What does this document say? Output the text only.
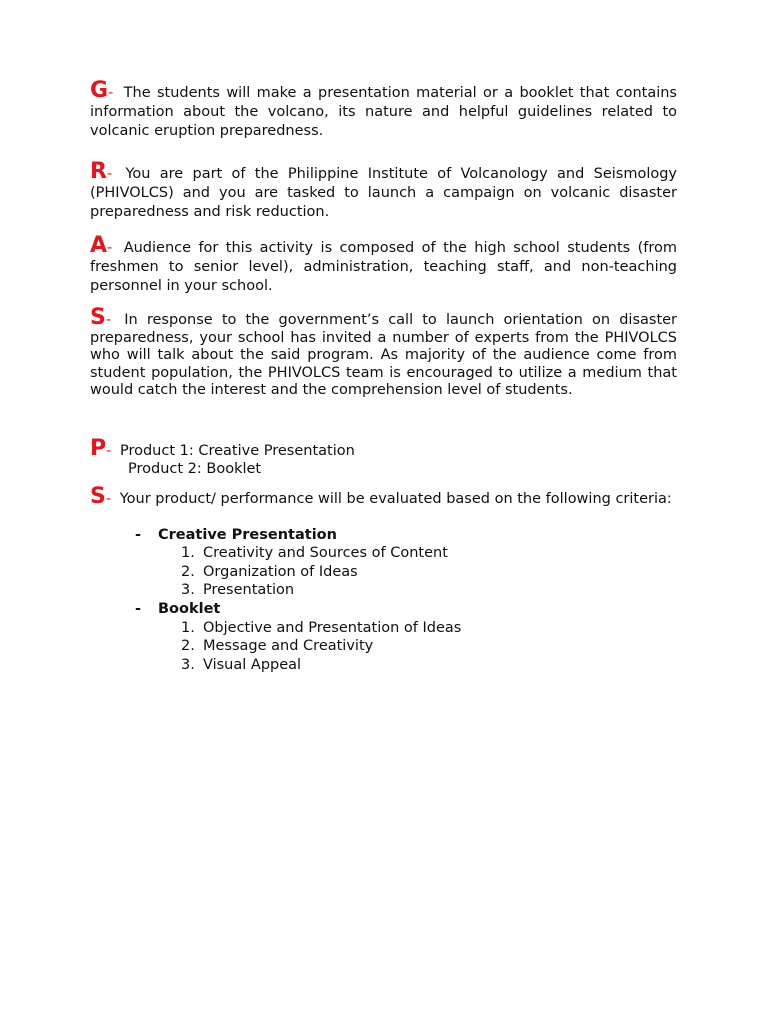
G- The students will make a presentation material or a booklet that contains information about the volcano, its nature and helpful guidelines related to volcanic eruption preparedness.
R- You are part of the Philippine Institute of Volcanology and Seismology (PHIVOLCS) and you are tasked to launch a campaign on volcanic disaster preparedness and risk reduction.
A- Audience for this activity is composed of the high school students (from freshmen to senior level), administration, teaching staff, and non-teaching personnel in your school.
S- In response to the government’s call to launch orientation on disaster preparedness, your school has invited a number of experts from the PHIVOLCS who will talk about the said program. As majority of the audience come from student population, the PHIVOLCS team is encouraged to utilize a medium that would catch the interest and the comprehension level of students.
P- Product 1: Creative Presentation
Product 2: Booklet
S- Your product/ performance will be evaluated based on the following criteria:
- Creative Presentation
1. Creativity and Sources of Content
2. Organization of Ideas
3. Presentation
- Booklet
1. Objective and Presentation of Ideas
2. Message and Creativity
3. Visual Appeal
